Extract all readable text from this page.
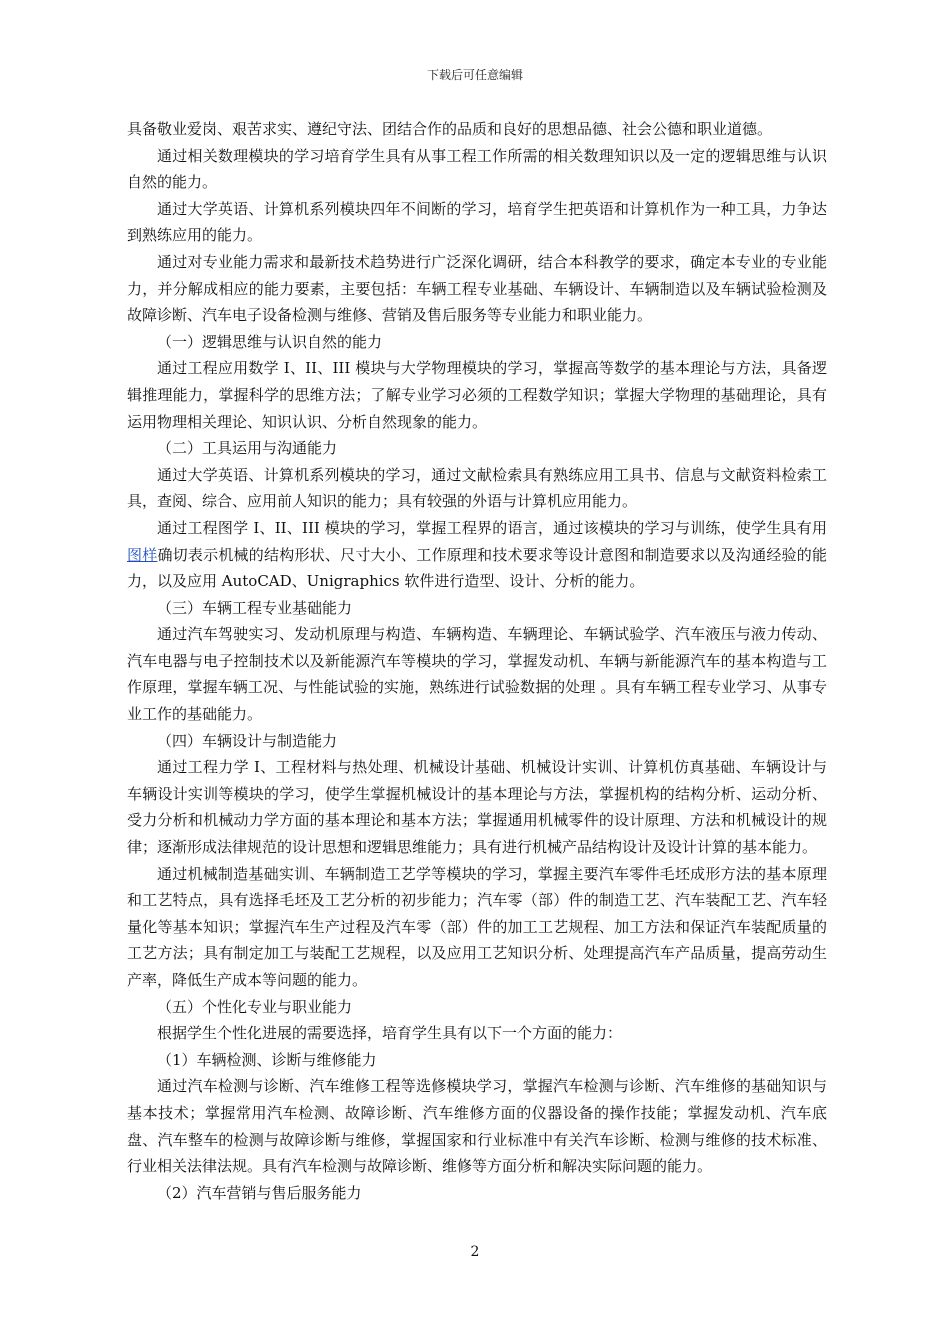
下载后可任意编辑

具备敬业爱岗、艰苦求实、遵纪守法、团结合作的品质和良好的思想品德、社会公德和职业道德。

通过相关数理模块的学习培育学生具有从事工程工作所需的相关数理知识以及一定的逻辑思维与认识自然的能力。

通过大学英语、计算机系列模块四年不间断的学习，培育学生把英语和计算机作为一种工具，力争达到熟练应用的能力。

通过对专业能力需求和最新技术趋势进行广泛深化调研，结合本科教学的要求，确定本专业的专业能力，并分解成相应的能力要素，主要包括：车辆工程专业基础、车辆设计、车辆制造以及车辆试验检测及故障诊断、汽车电子设备检测与维修、营销及售后服务等专业能力和职业能力。

（一）逻辑思维与认识自然的能力

通过工程应用数学 I、II、III 模块与大学物理模块的学习，掌握高等数学的基本理论与方法，具备逻辑推理能力，掌握科学的思维方法；了解专业学习必须的工程数学知识；掌握大学物理的基础理论，具有运用物理相关理论、知识认识、分析自然现象的能力。

（二）工具运用与沟通能力

通过大学英语、计算机系列模块的学习，通过文献检索具有熟练应用工具书、信息与文献资料检索工具，查阅、综合、应用前人知识的能力；具有较强的外语与计算机应用能力。

通过工程图学 I、II、III 模块的学习，掌握工程界的语言，通过该模块的学习与训练，使学生具有用图样确切表示机械的结构形状、尺寸大小、工作原理和技术要求等设计意图和制造要求以及沟通经验的能力，以及应用 AutoCAD、Unigraphics 软件进行造型、设计、分析的能力。

（三）车辆工程专业基础能力

通过汽车驾驶实习、发动机原理与构造、车辆构造、车辆理论、车辆试验学、汽车液压与液力传动、汽车电器与电子控制技术以及新能源汽车等模块的学习，掌握发动机、车辆与新能源汽车的基本构造与工作原理，掌握车辆工况、与性能试验的实施，熟练进行试验数据的处理 。具有车辆工程专业学习、从事专业工作的基础能力。

（四）车辆设计与制造能力

通过工程力学 I、工程材料与热处理、机械设计基础、机械设计实训、计算机仿真基础、车辆设计与车辆设计实训等模块的学习，使学生掌握机械设计的基本理论与方法，掌握机构的结构分析、运动分析、受力分析和机械动力学方面的基本理论和基本方法；掌握通用机械零件的设计原理、方法和机械设计的规律；逐渐形成法律规范的设计思想和逻辑思维能力；具有进行机械产品结构设计及设计计算的基本能力。

通过机械制造基础实训、车辆制造工艺学等模块的学习，掌握主要汽车零件毛坯成形方法的基本原理和工艺特点，具有选择毛坯及工艺分析的初步能力；汽车零（部）件的制造工艺、汽车装配工艺、汽车轻量化等基本知识；掌握汽车生产过程及汽车零（部）件的加工工艺规程、加工方法和保证汽车装配质量的工艺方法；具有制定加工与装配工艺规程，以及应用工艺知识分析、处理提高汽车产品质量，提高劳动生产率，降低生产成本等问题的能力。

（五）个性化专业与职业能力

根据学生个性化进展的需要选择，培育学生具有以下一个方面的能力：

（1）车辆检测、诊断与维修能力

通过汽车检测与诊断、汽车维修工程等选修模块学习，掌握汽车检测与诊断、汽车维修的基础知识与基本技术；掌握常用汽车检测、故障诊断、汽车维修方面的仪器设备的操作技能；掌握发动机、汽车底盘、汽车整车的检测与故障诊断与维修，掌握国家和行业标准中有关汽车诊断、检测与维修的技术标准、行业相关法律法规。具有汽车检测与故障诊断、维修等方面分析和解决实际问题的能力。

（2）汽车营销与售后服务能力

2
